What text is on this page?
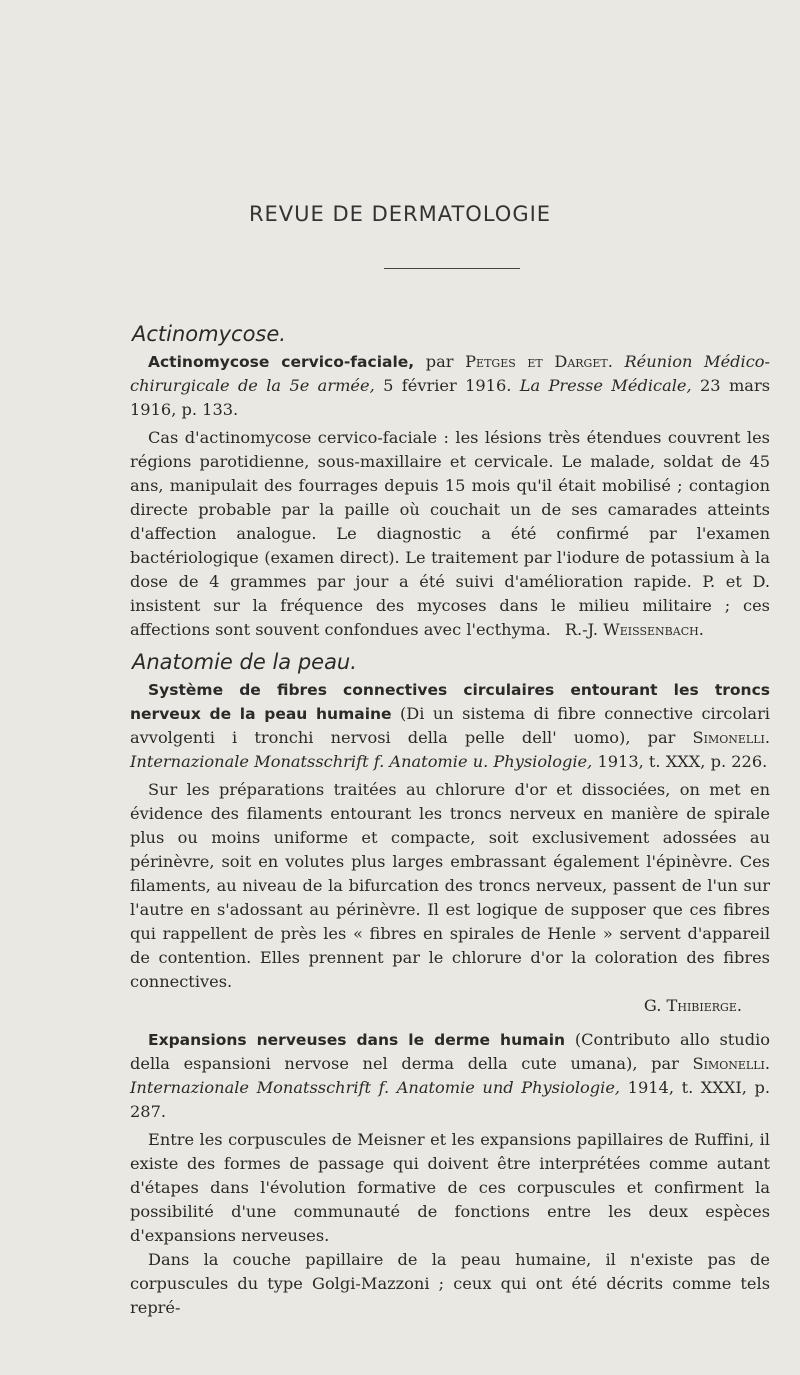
REVUE DE DERMATOLOGIE
Actinomycose.

Actinomycose cervico-faciale, par Petges et Darget. Réunion Médico-chirurgicale de la 5e armée, 5 février 1916. La Presse Médicale, 23 mars 1916, p. 133.

Cas d'actinomycose cervico-faciale : les lésions très étendues couvrent les régions parotidienne, sous-maxillaire et cervicale. Le malade, soldat de 45 ans, manipulait des fourrages depuis 15 mois qu'il était mobilisé ; contagion directe probable par la paille où couchait un de ses camarades atteints d'affection analogue. Le diagnostic a été confirmé par l'examen bactériologique (examen direct). Le traitement par l'iodure de potassium à la dose de 4 grammes par jour a été suivi d'amélioration rapide. P. et D. insistent sur la fréquence des mycoses dans le milieu militaire ; ces affections sont souvent confondues avec l'ecthyma. R.-J. Weissenbach.

Anatomie de la peau.

Système de fibres connectives circulaires entourant les troncs nerveux de la peau humaine (Di un sistema di fibre connective circolari avvolgenti i tronchi nervosi della pelle dell' uomo), par Simonelli. Internazionale Monatsschrift f. Anatomie u. Physiologie, 1913, t. XXX, p. 226.

Sur les préparations traitées au chlorure d'or et dissociées, on met en évidence des filaments entourant les troncs nerveux en manière de spirale plus ou moins uniforme et compacte, soit exclusivement adossées au périnèvre, soit en volutes plus larges embrassant également l'épinèvre. Ces filaments, au niveau de la bifurcation des troncs nerveux, passent de l'un sur l'autre en s'adossant au périnèvre. Il est logique de supposer que ces fibres qui rappellent de près les « fibres en spirales de Henle » servent d'appareil de contention. Elles prennent par le chlorure d'or la coloration des fibres connectives.

G. Thibierge.

Expansions nerveuses dans le derme humain (Contributo allo studio della espansioni nervose nel derma della cute umana), par Simonelli. Internazionale Monatsschrift f. Anatomie und Physiologie, 1914, t. XXXI, p. 287.

Entre les corpuscules de Meisner et les expansions papillaires de Ruffini, il existe des formes de passage qui doivent être interprétées comme autant d'étapes dans l'évolution formative de ces corpuscules et confirment la possibilité d'une communauté de fonctions entre les deux espèces d'expansions nerveuses.

Dans la couche papillaire de la peau humaine, il n'existe pas de corpuscules du type Golgi-Mazzoni ; ceux qui ont été décrits comme tels repré-
